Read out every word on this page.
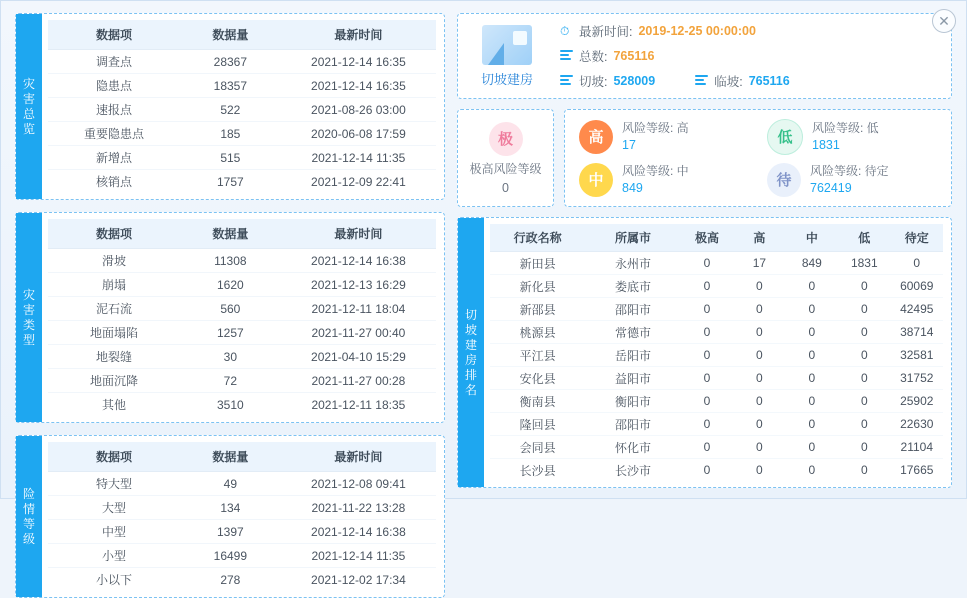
✕
灾害总览
数据项	数据量	最新时间
调查点	28367	2021-12-14 16:35
隐患点	18357	2021-12-14 16:35
速报点	522	2021-08-26 03:00
重要隐患点	185	2020-06-08 17:59
新增点	515	2021-12-14 11:35
核销点	1757	2021-12-09 22:41
灾害类型
数据项	数据量	最新时间
滑坡	11308	2021-12-14 16:38
崩塌	1620	2021-12-13 16:29
泥石流	560	2021-12-11 18:04
地面塌陷	1257	2021-11-27 00:40
地裂缝	30	2021-04-10 15:29
地面沉降	72	2021-11-27 00:28
其他	3510	2021-12-11 18:35
险情等级
数据项	数据量	最新时间
特大型	49	2021-12-08 09:41
大型	134	2021-11-22 13:28
中型	1397	2021-12-14 16:38
小型	16499	2021-12-14 11:35
小以下	278	2021-12-02 17:34
切坡建房
⏱ 最新时间: 2019-12-25 00:00:00
总数: 765116
切坡: 528009	临坡: 765116
极
极高风险等级
0
高
风险等级: 高
17	低
风险等级: 低
1831
中
风险等级: 中
849	待
风险等级: 待定
762419
切坡建房排名
行政名称	所属市	极高	高	中	低	待定
新田县	永州市	0	17	849	1831	0
新化县	娄底市	0	0	0	0	60069
新邵县	邵阳市	0	0	0	0	42495
桃源县	常德市	0	0	0	0	38714
平江县	岳阳市	0	0	0	0	32581
安化县	益阳市	0	0	0	0	31752
衡南县	衡阳市	0	0	0	0	25902
隆回县	邵阳市	0	0	0	0	22630
会同县	怀化市	0	0	0	0	21104
长沙县	长沙市	0	0	0	0	17665
